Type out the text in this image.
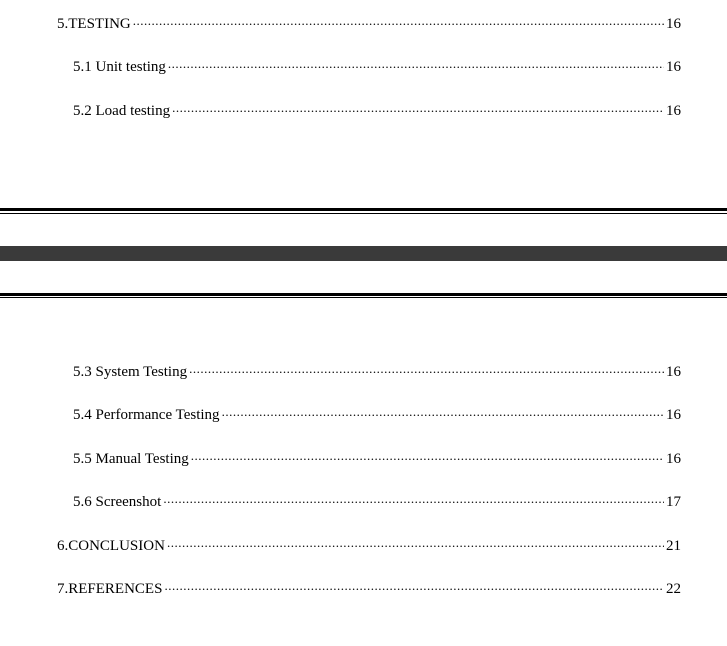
5.TESTING .....	16
5.1 Unit testing .....	16
5.2 Load testing .....	16
5.3 System Testing .....	16
5.4 Performance Testing .....	16
5.5 Manual Testing .....	16
5.6 Screenshot .....	17
6.CONCLUSION .....	21
7.REFERENCES .....	22
